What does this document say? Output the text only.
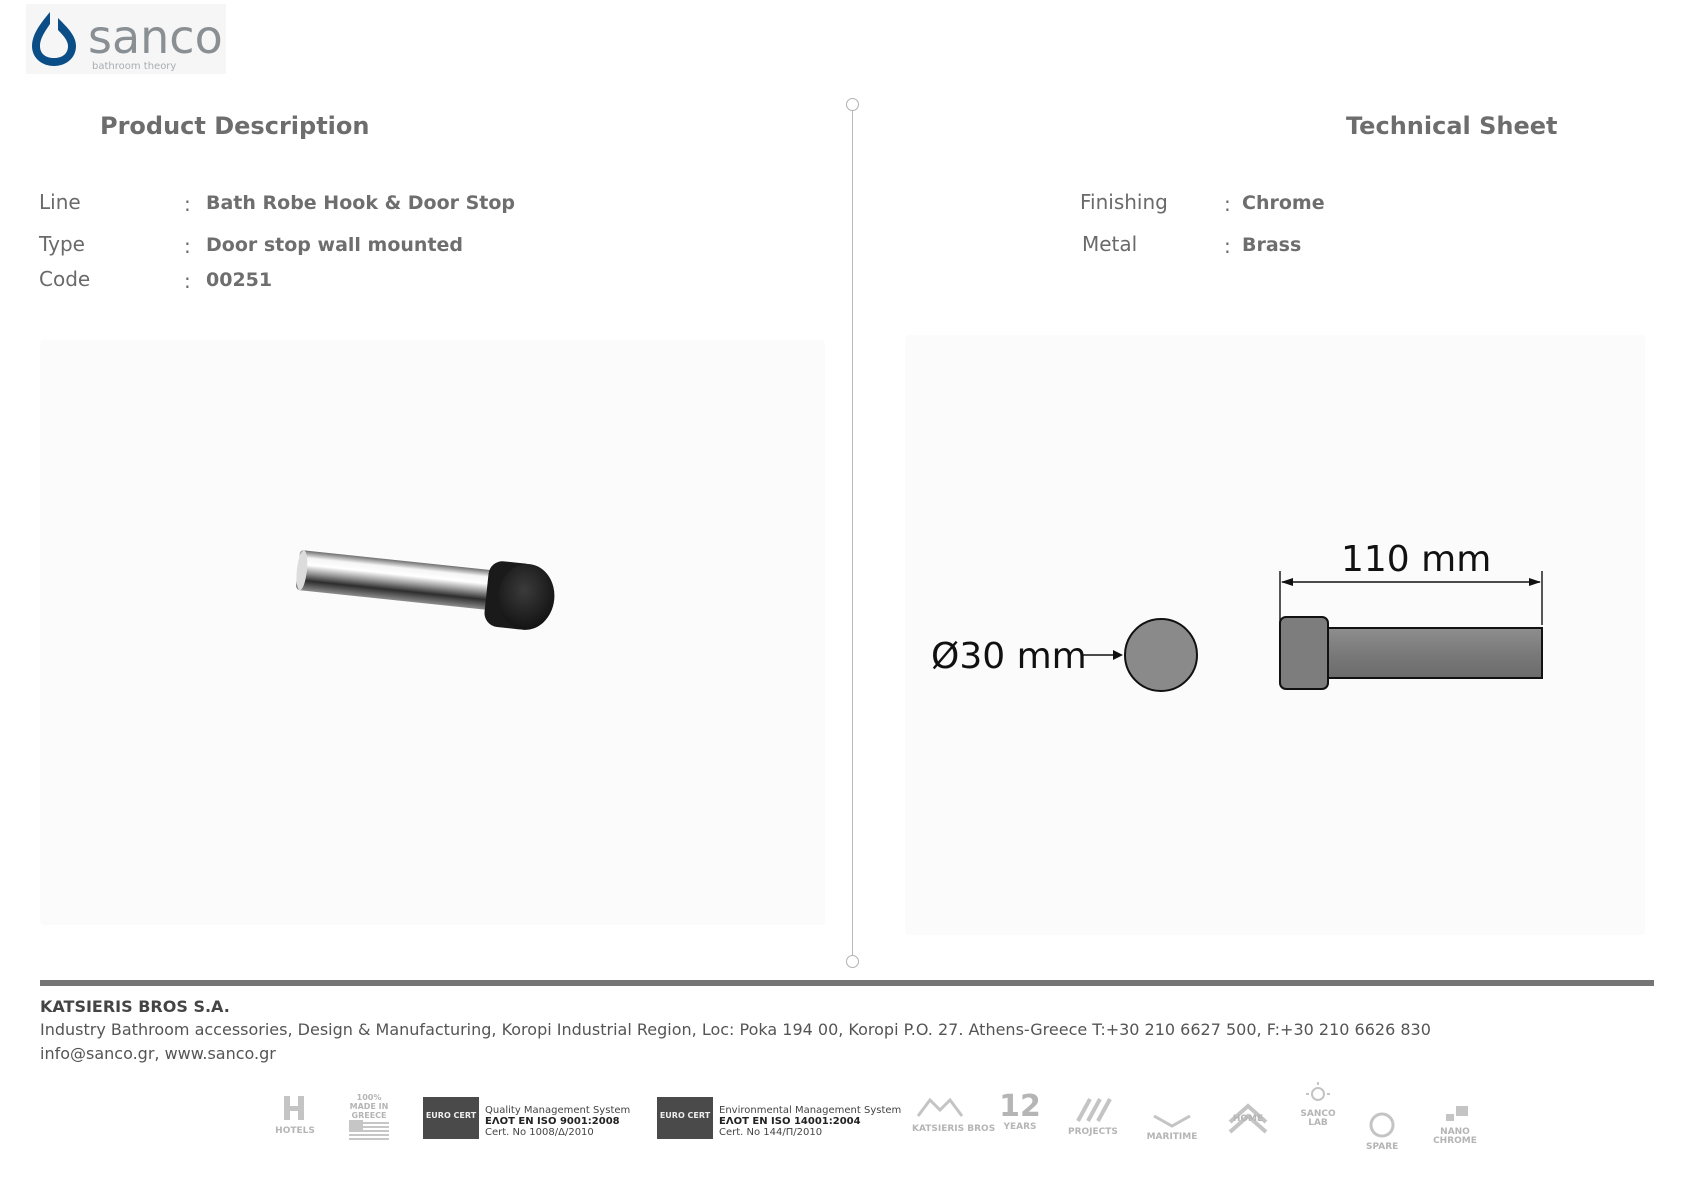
sanco
bathroom theory
Product Description
Line	: Bath Robe Hook & Door Stop
Type	: Door stop wall mounted
Code	: 00251
Technical Sheet
Finishing	: Chrome
Metal	: Brass
Ø30 mm
110 mm
KATSIERIS BROS S.A.
Industry Bathroom accessories, Design & Manufacturing, Koropi Industrial Region, Loc: Poka 194 00, Koropi P.O. 27. Athens-Greece T:+30 210 6627 500, F:+30 210 6626 830
info@sanco.gr, www.sanco.gr
HOTELS
100% MADE IN GREECE	EURO CERT Quality Management System
ΕΛΟΤ EN ISO 9001:2008
Cert. No 1008/Δ/2010
EURO CERT Environmental Management System
ΕΛΟΤ EN ISO 14001:2004
Cert. No 144/Π/2010	KATSIERIS BROS
12
YEARS	PROJECTS	MARITIME
HOME	SANCO LAB
SPARE
NANO CHROME
